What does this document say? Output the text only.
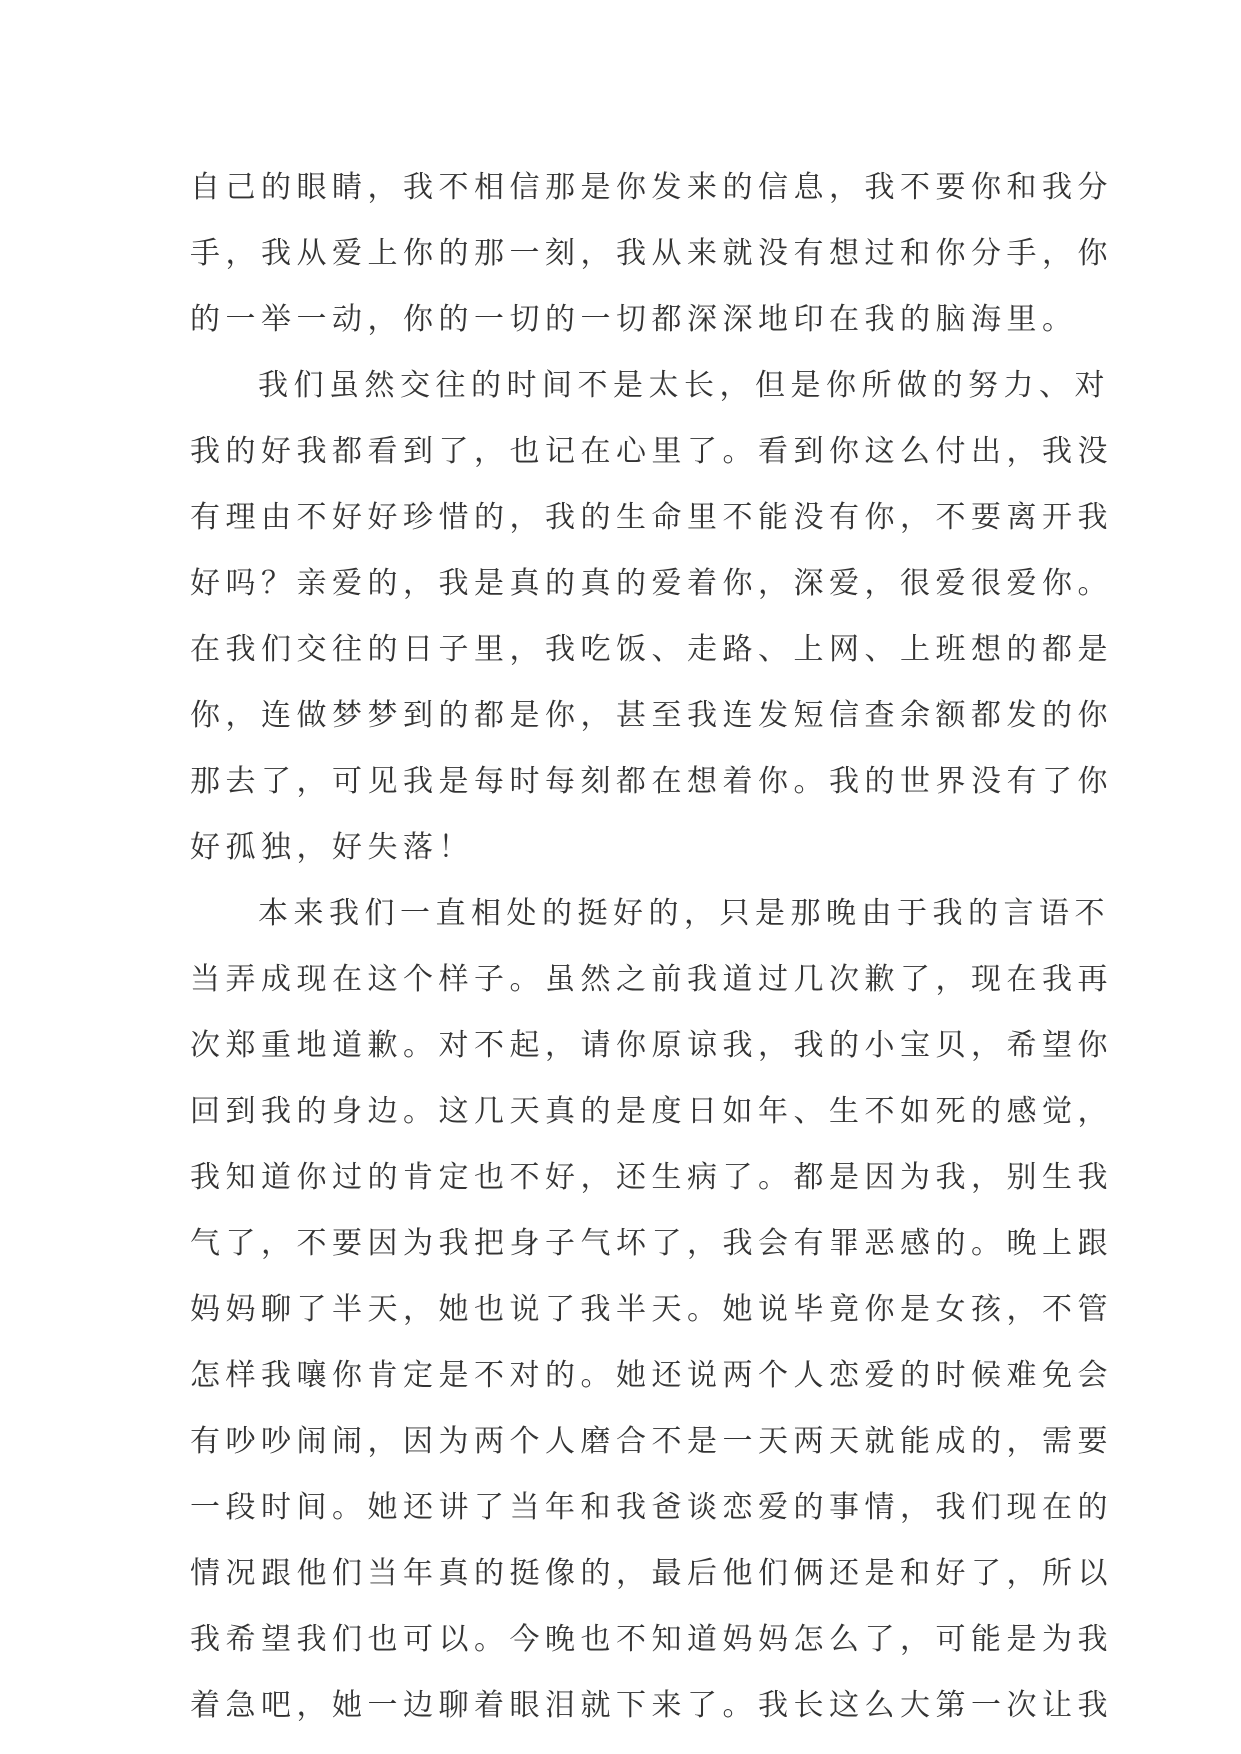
自己的眼睛，我不相信那是你发来的信息，我不要你和我分
手，我从爱上你的那一刻，我从来就没有想过和你分手，你
的一举一动，你的一切的一切都深深地印在我的脑海里。
我们虽然交往的时间不是太长，但是你所做的努力、对
我的好我都看到了，也记在心里了。看到你这么付出，我没
有理由不好好珍惜的，我的生命里不能没有你，不要离开我
好吗？亲爱的，我是真的真的爱着你，深爱，很爱很爱你。
在我们交往的日子里，我吃饭、走路、上网、上班想的都是
你，连做梦梦到的都是你，甚至我连发短信查余额都发的你
那去了，可见我是每时每刻都在想着你。我的世界没有了你
好孤独，好失落！
本来我们一直相处的挺好的，只是那晚由于我的言语不
当弄成现在这个样子。虽然之前我道过几次歉了，现在我再
次郑重地道歉。对不起，请你原谅我，我的小宝贝，希望你
回到我的身边。这几天真的是度日如年、生不如死的感觉，
我知道你过的肯定也不好，还生病了。都是因为我，别生我
气了，不要因为我把身子气坏了，我会有罪恶感的。晚上跟
妈妈聊了半天，她也说了我半天。她说毕竟你是女孩，不管
怎样我嚷你肯定是不对的。她还说两个人恋爱的时候难免会
有吵吵闹闹，因为两个人磨合不是一天两天就能成的，需要
一段时间。她还讲了当年和我爸谈恋爱的事情，我们现在的
情况跟他们当年真的挺像的，最后他们俩还是和好了，所以
我希望我们也可以。今晚也不知道妈妈怎么了，可能是为我
着急吧，她一边聊着眼泪就下来了。我长这么大第一次让我
